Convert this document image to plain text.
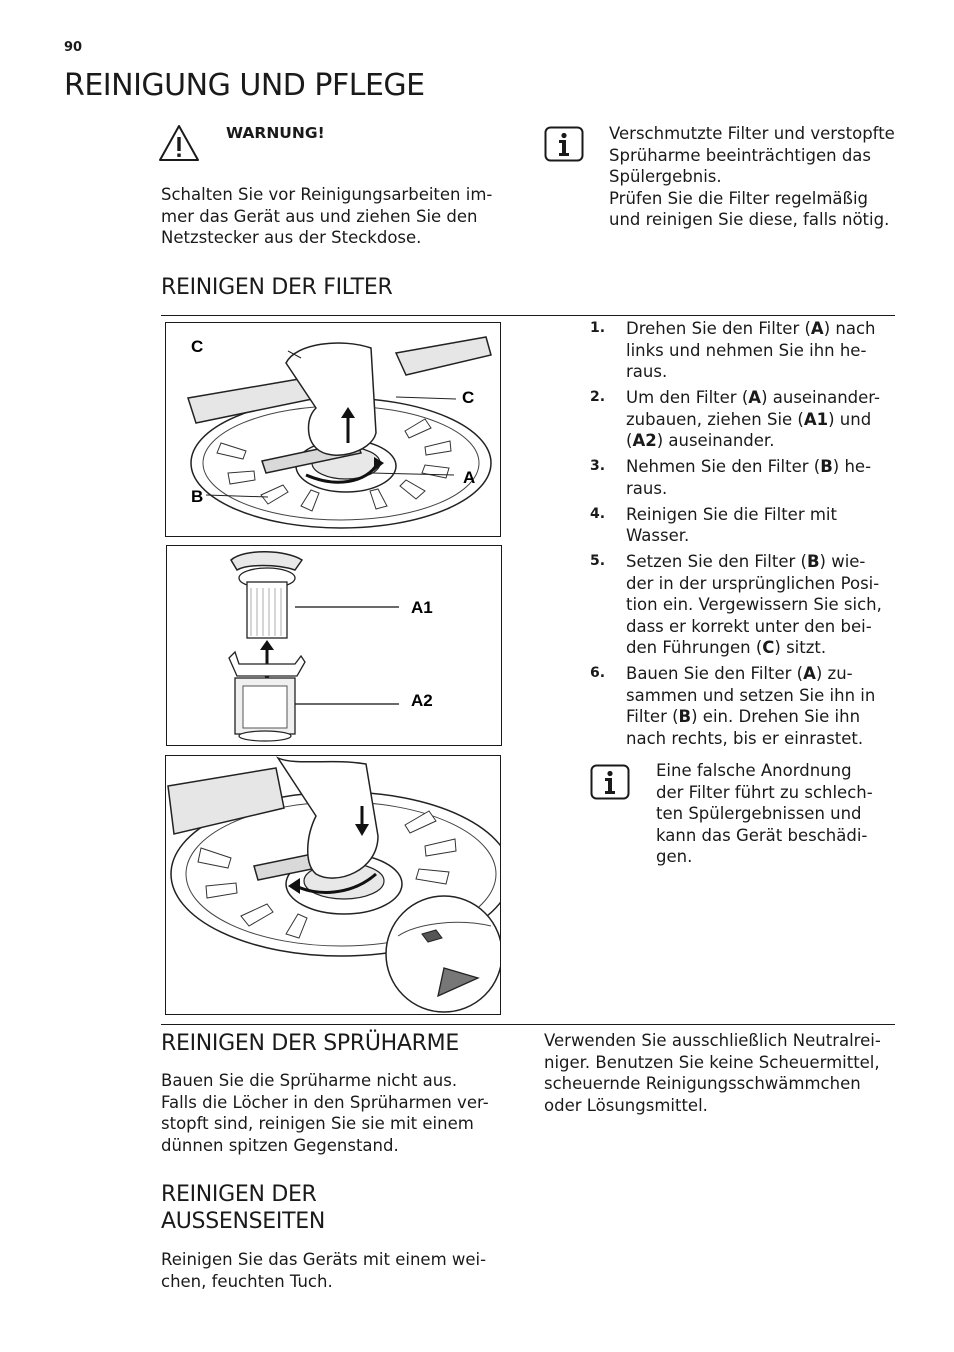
90
REINIGUNG UND PFLEGE
WARNUNG!
Schalten Sie vor Reinigungsarbeiten im-
mer das Gerät aus und ziehen Sie den
Netzstecker aus der Steckdose.
Verschmutzte Filter und verstopfte
Sprüharme beeinträchtigen das
Spülergebnis.
Prüfen Sie die Filter regelmäßig
und reinigen Sie diese, falls nötig.
REINIGEN DER FILTER
C
C
A
B
A1
A2
1. Drehen Sie den Filter (A) nach
links und nehmen Sie ihn he-
raus.
2. Um den Filter (A) auseinander-
zubauen, ziehen Sie (A1) und
(A2) auseinander.
3. Nehmen Sie den Filter (B) he-
raus.
4. Reinigen Sie die Filter mit
Wasser.
5. Setzen Sie den Filter (B) wie-
der in der ursprünglichen Posi-
tion ein. Vergewissern Sie sich,
dass er korrekt unter den bei-
den Führungen (C) sitzt.
6. Bauen Sie den Filter (A) zu-
sammen und setzen Sie ihn in
Filter (B) ein. Drehen Sie ihn
nach rechts, bis er einrastet.
Eine falsche Anordnung
der Filter führt zu schlech-
ten Spülergebnissen und
kann das Gerät beschädi-
gen.
REINIGEN DER SPRÜHARME
Bauen Sie die Sprüharme nicht aus.
Falls die Löcher in den Sprüharmen ver-
stopft sind, reinigen Sie sie mit einem
dünnen spitzen Gegenstand.
REINIGEN DER
AUSSENSEITEN
Reinigen Sie das Geräts mit einem wei-
chen, feuchten Tuch.
Verwenden Sie ausschließlich Neutralrei-
niger. Benutzen Sie keine Scheuermittel,
scheuernde Reinigungsschwämmchen
oder Lösungsmittel.
